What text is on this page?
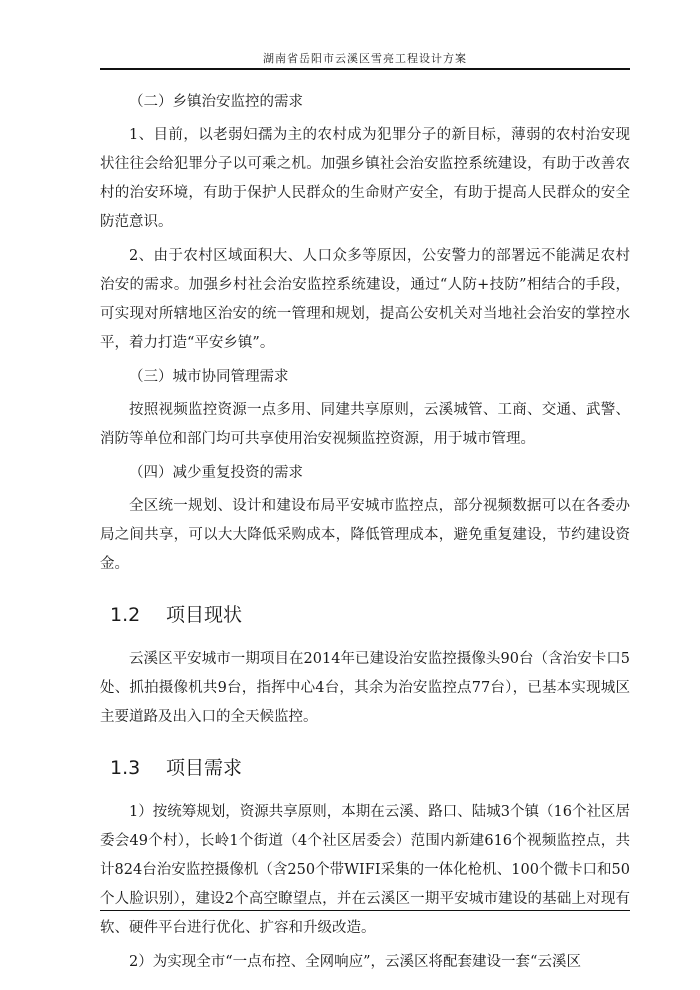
湖南省岳阳市云溪区雪亮工程设计方案

（二）乡镇治安监控的需求

1、目前，以老弱妇孺为主的农村成为犯罪分子的新目标，薄弱的农村治安现状往往会给犯罪分子以可乘之机。加强乡镇社会治安监控系统建设，有助于改善农村的治安环境，有助于保护人民群众的生命财产安全，有助于提高人民群众的安全防范意识。

2、由于农村区域面积大、人口众多等原因，公安警力的部署远不能满足农村治安的需求。加强乡村社会治安监控系统建设，通过“人防+技防”相结合的手段，可实现对所辖地区治安的统一管理和规划，提高公安机关对当地社会治安的掌控水平，着力打造“平安乡镇”。

（三）城市协同管理需求

按照视频监控资源一点多用、同建共享原则，云溪城管、工商、交通、武警、消防等单位和部门均可共享使用治安视频监控资源，用于城市管理。

（四）减少重复投资的需求

全区统一规划、设计和建设布局平安城市监控点，部分视频数据可以在各委办局之间共享，可以大大降低采购成本，降低管理成本，避免重复建设，节约建设资金。

1.2 项目现状

云溪区平安城市一期项目在2014年已建设治安监控摄像头90台（含治安卡口5处、抓拍摄像机共9台，指挥中心4台，其余为治安监控点77台），已基本实现城区主要道路及出入口的全天候监控。

1.3 项目需求

1）按统筹规划，资源共享原则，本期在云溪、路口、陆城3个镇（16个社区居委会49个村），长岭1个街道（4个社区居委会）范围内新建616个视频监控点，共计824台治安监控摄像机（含250个带WIFI采集的一体化枪机、100个微卡口和50个人脸识别），建设2个高空瞭望点，并在云溪区一期平安城市建设的基础上对现有软、硬件平台进行优化、扩容和升级改造。

2）为实现全市“一点布控、全网响应”，云溪区将配套建设一套“云溪区
